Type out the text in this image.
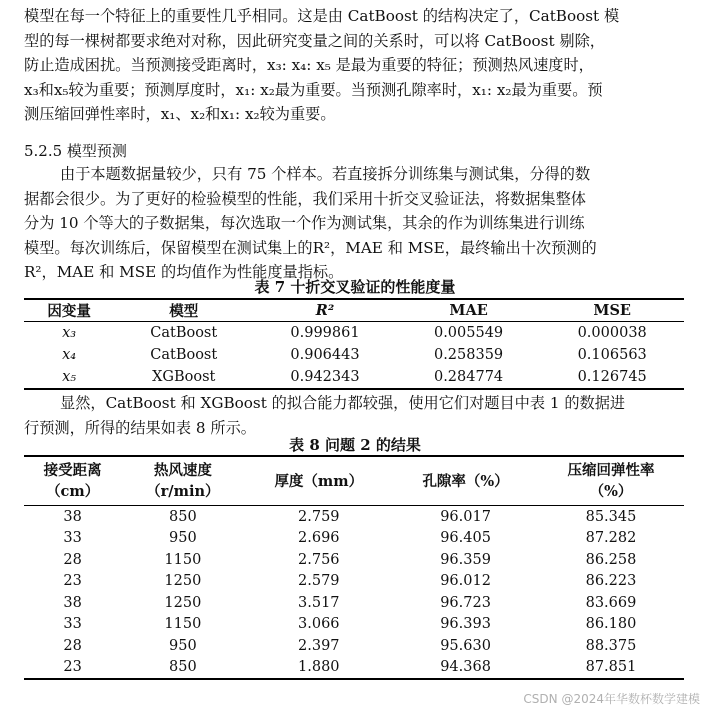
模型在每一个特征上的重要性几乎相同。这是由 CatBoost 的结构决定了，CatBoost 模
型的每一棵树都要求绝对对称，因此研究变量之间的关系时，可以将 CatBoost 剔除，
防止造成困扰。当预测接受距离时，x₃: x₄: x₅ 是最为重要的特征；预测热风速度时，
x₃和x₅较为重要；预测厚度时，x₁: x₂最为重要。当预测孔隙率时，x₁: x₂最为重要。预
测压缩回弹性率时，x₁、x₂和x₁: x₂较为重要。

5.2.5 模型预测

由于本题数据量较少，只有 75 个样本。若直接拆分训练集与测试集，分得的数
据都会很少。为了更好的检验模型的性能，我们采用十折交叉验证法，将数据集整体
分为 10 个等大的子数据集，每次选取一个作为测试集，其余的作为训练集进行训练
模型。每次训练后，保留模型在测试集上的R²，MAE 和 MSE，最终输出十次预测的
R²，MAE 和 MSE 的均值作为性能度量指标。

表 7 十折交叉验证的性能度量

因变量	模型	R²	MAE	MSE
x₃	CatBoost	0.999861	0.005549	0.000038
x₄	CatBoost	0.906443	0.258359	0.106563
x₅	XGBoost	0.942343	0.284774	0.126745

显然，CatBoost 和 XGBoost 的拟合能力都较强，使用它们对题目中表 1 的数据进
行预测，所得的结果如表 8 所示。

表 8 问题 2 的结果

接受距离
（cm）	热风速度
（r/min）	厚度（mm）	孔隙率（%）	压缩回弹性率
（%）

38	850	2.759	96.017	85.345
33	950	2.696	96.405	87.282
28	1150	2.756	96.359	86.258
23	1250	2.579	96.012	86.223
38	1250	3.517	96.723	83.669
33	1150	3.066	96.393	86.180
28	950	2.397	95.630	88.375
23	850	1.880	94.368	87.851
CSDN @2024年华数杯数学建模
